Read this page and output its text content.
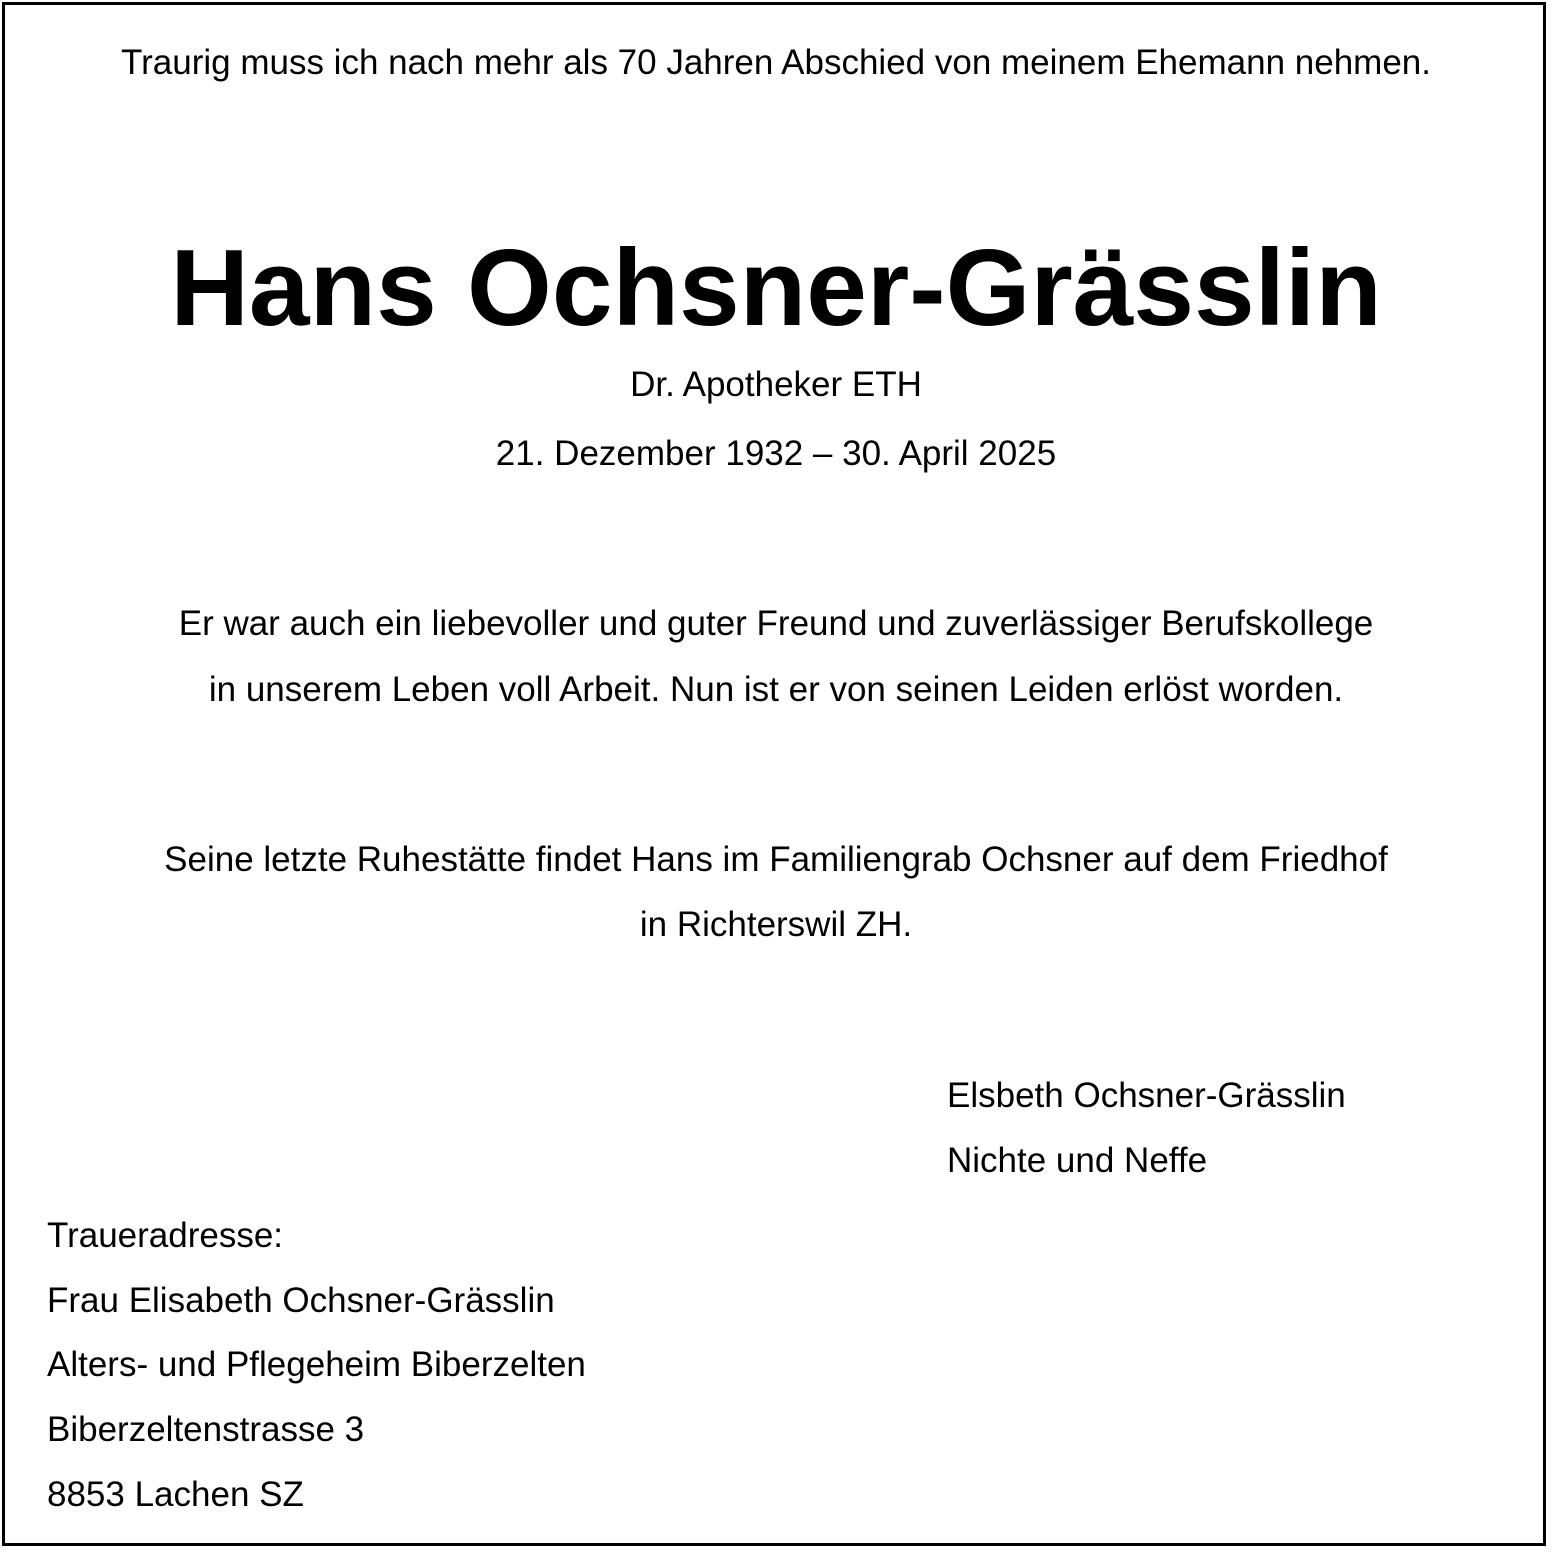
Traurig muss ich nach mehr als 70 Jahren Abschied von meinem Ehemann nehmen.
Hans Ochsner-Grässlin
Dr. Apotheker ETH
21. Dezember 1932 – 30. April 2025
Er war auch ein liebevoller und guter Freund und zuverlässiger Berufskollege
in unserem Leben voll Arbeit. Nun ist er von seinen Leiden erlöst worden.
Seine letzte Ruhestätte findet Hans im Familiengrab Ochsner auf dem Friedhof
in Richterswil ZH.
Elsbeth Ochsner-Grässlin
Nichte und Neffe
Traueradresse:
Frau Elisabeth Ochsner-Grässlin
Alters- und Pflegeheim Biberzelten
Biberzeltenstrasse 3
8853 Lachen SZ
